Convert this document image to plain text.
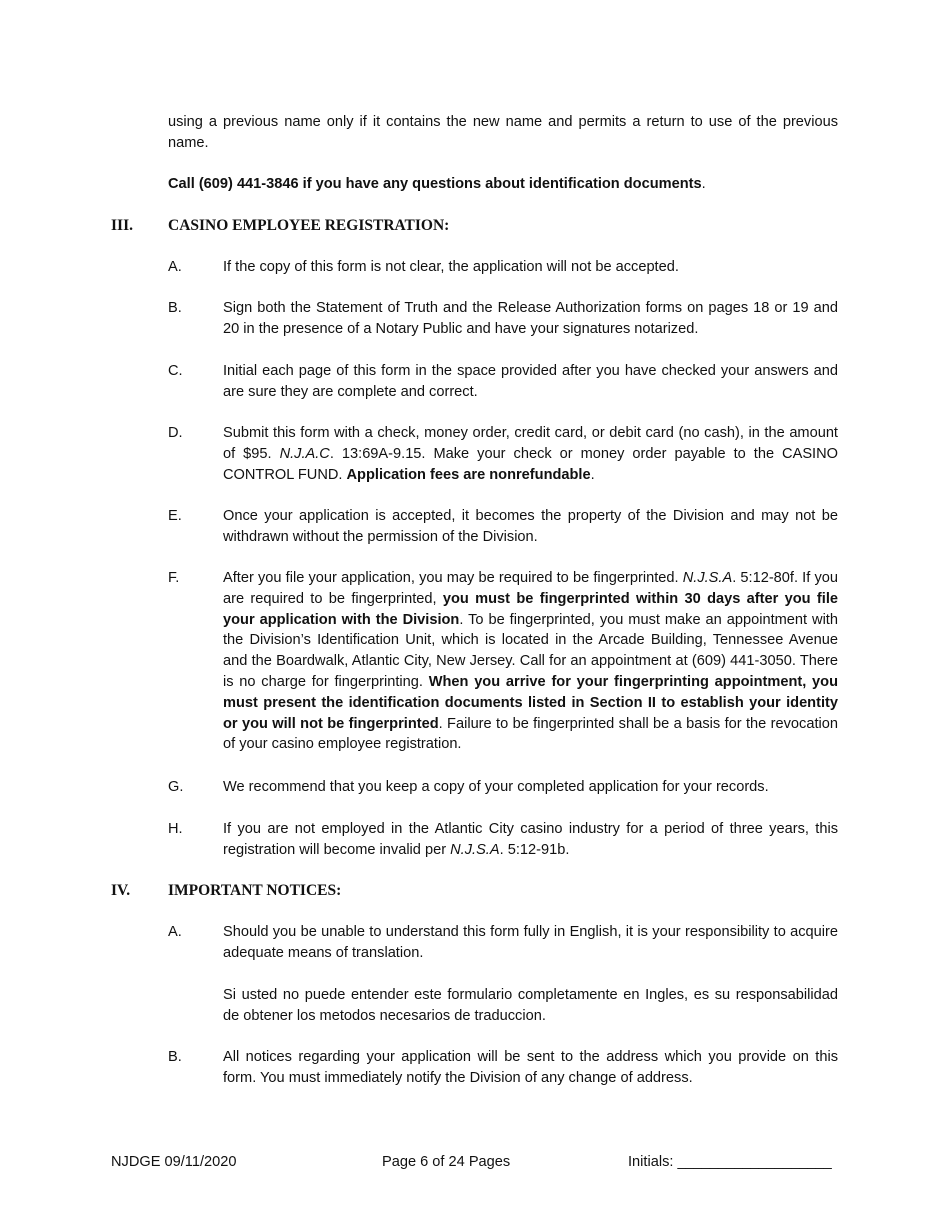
using a previous name only if it contains the new name and permits a return to use of the previous name.
Call (609) 441-3846 if you have any questions about identification documents.
III. CASINO EMPLOYEE REGISTRATION:
A.	If the copy of this form is not clear, the application will not be accepted.
B.	Sign both the Statement of Truth and the Release Authorization forms on pages 18 or 19 and 20 in the presence of a Notary Public and have your signatures notarized.
C.	Initial each page of this form in the space provided after you have checked your answers and are sure they are complete and correct.
D.	Submit this form with a check, money order, credit card, or debit card (no cash), in the amount of $95. N.J.A.C. 13:69A-9.15. Make your check or money order payable to the CASINO CONTROL FUND. Application fees are nonrefundable.
E.	Once your application is accepted, it becomes the property of the Division and may not be withdrawn without the permission of the Division.
F.	After you file your application, you may be required to be fingerprinted. N.J.S.A. 5:12-80f. If you are required to be fingerprinted, you must be fingerprinted within 30 days after you file your application with the Division. To be fingerprinted, you must make an appointment with the Division’s Identification Unit, which is located in the Arcade Building, Tennessee Avenue and the Boardwalk, Atlantic City, New Jersey. Call for an appointment at (609) 441-3050. There is no charge for fingerprinting. When you arrive for your fingerprinting appointment, you must present the identification documents listed in Section II to establish your identity or you will not be fingerprinted. Failure to be fingerprinted shall be a basis for the revocation of your casino employee registration.
G.	We recommend that you keep a copy of your completed application for your records.
H.	If you are not employed in the Atlantic City casino industry for a period of three years, this registration will become invalid per N.J.S.A. 5:12-91b.
IV. IMPORTANT NOTICES:
A.	Should you be unable to understand this form fully in English, it is your responsibility to acquire adequate means of translation.
Si usted no puede entender este formulario completamente en Ingles, es su responsabilidad de obtener los metodos necesarios de traduccion.
B.	All notices regarding your application will be sent to the address which you provide on this form. You must immediately notify the Division of any change of address.
NJDGE 09/11/2020	Page 6 of 24 Pages	Initials: ___________________
